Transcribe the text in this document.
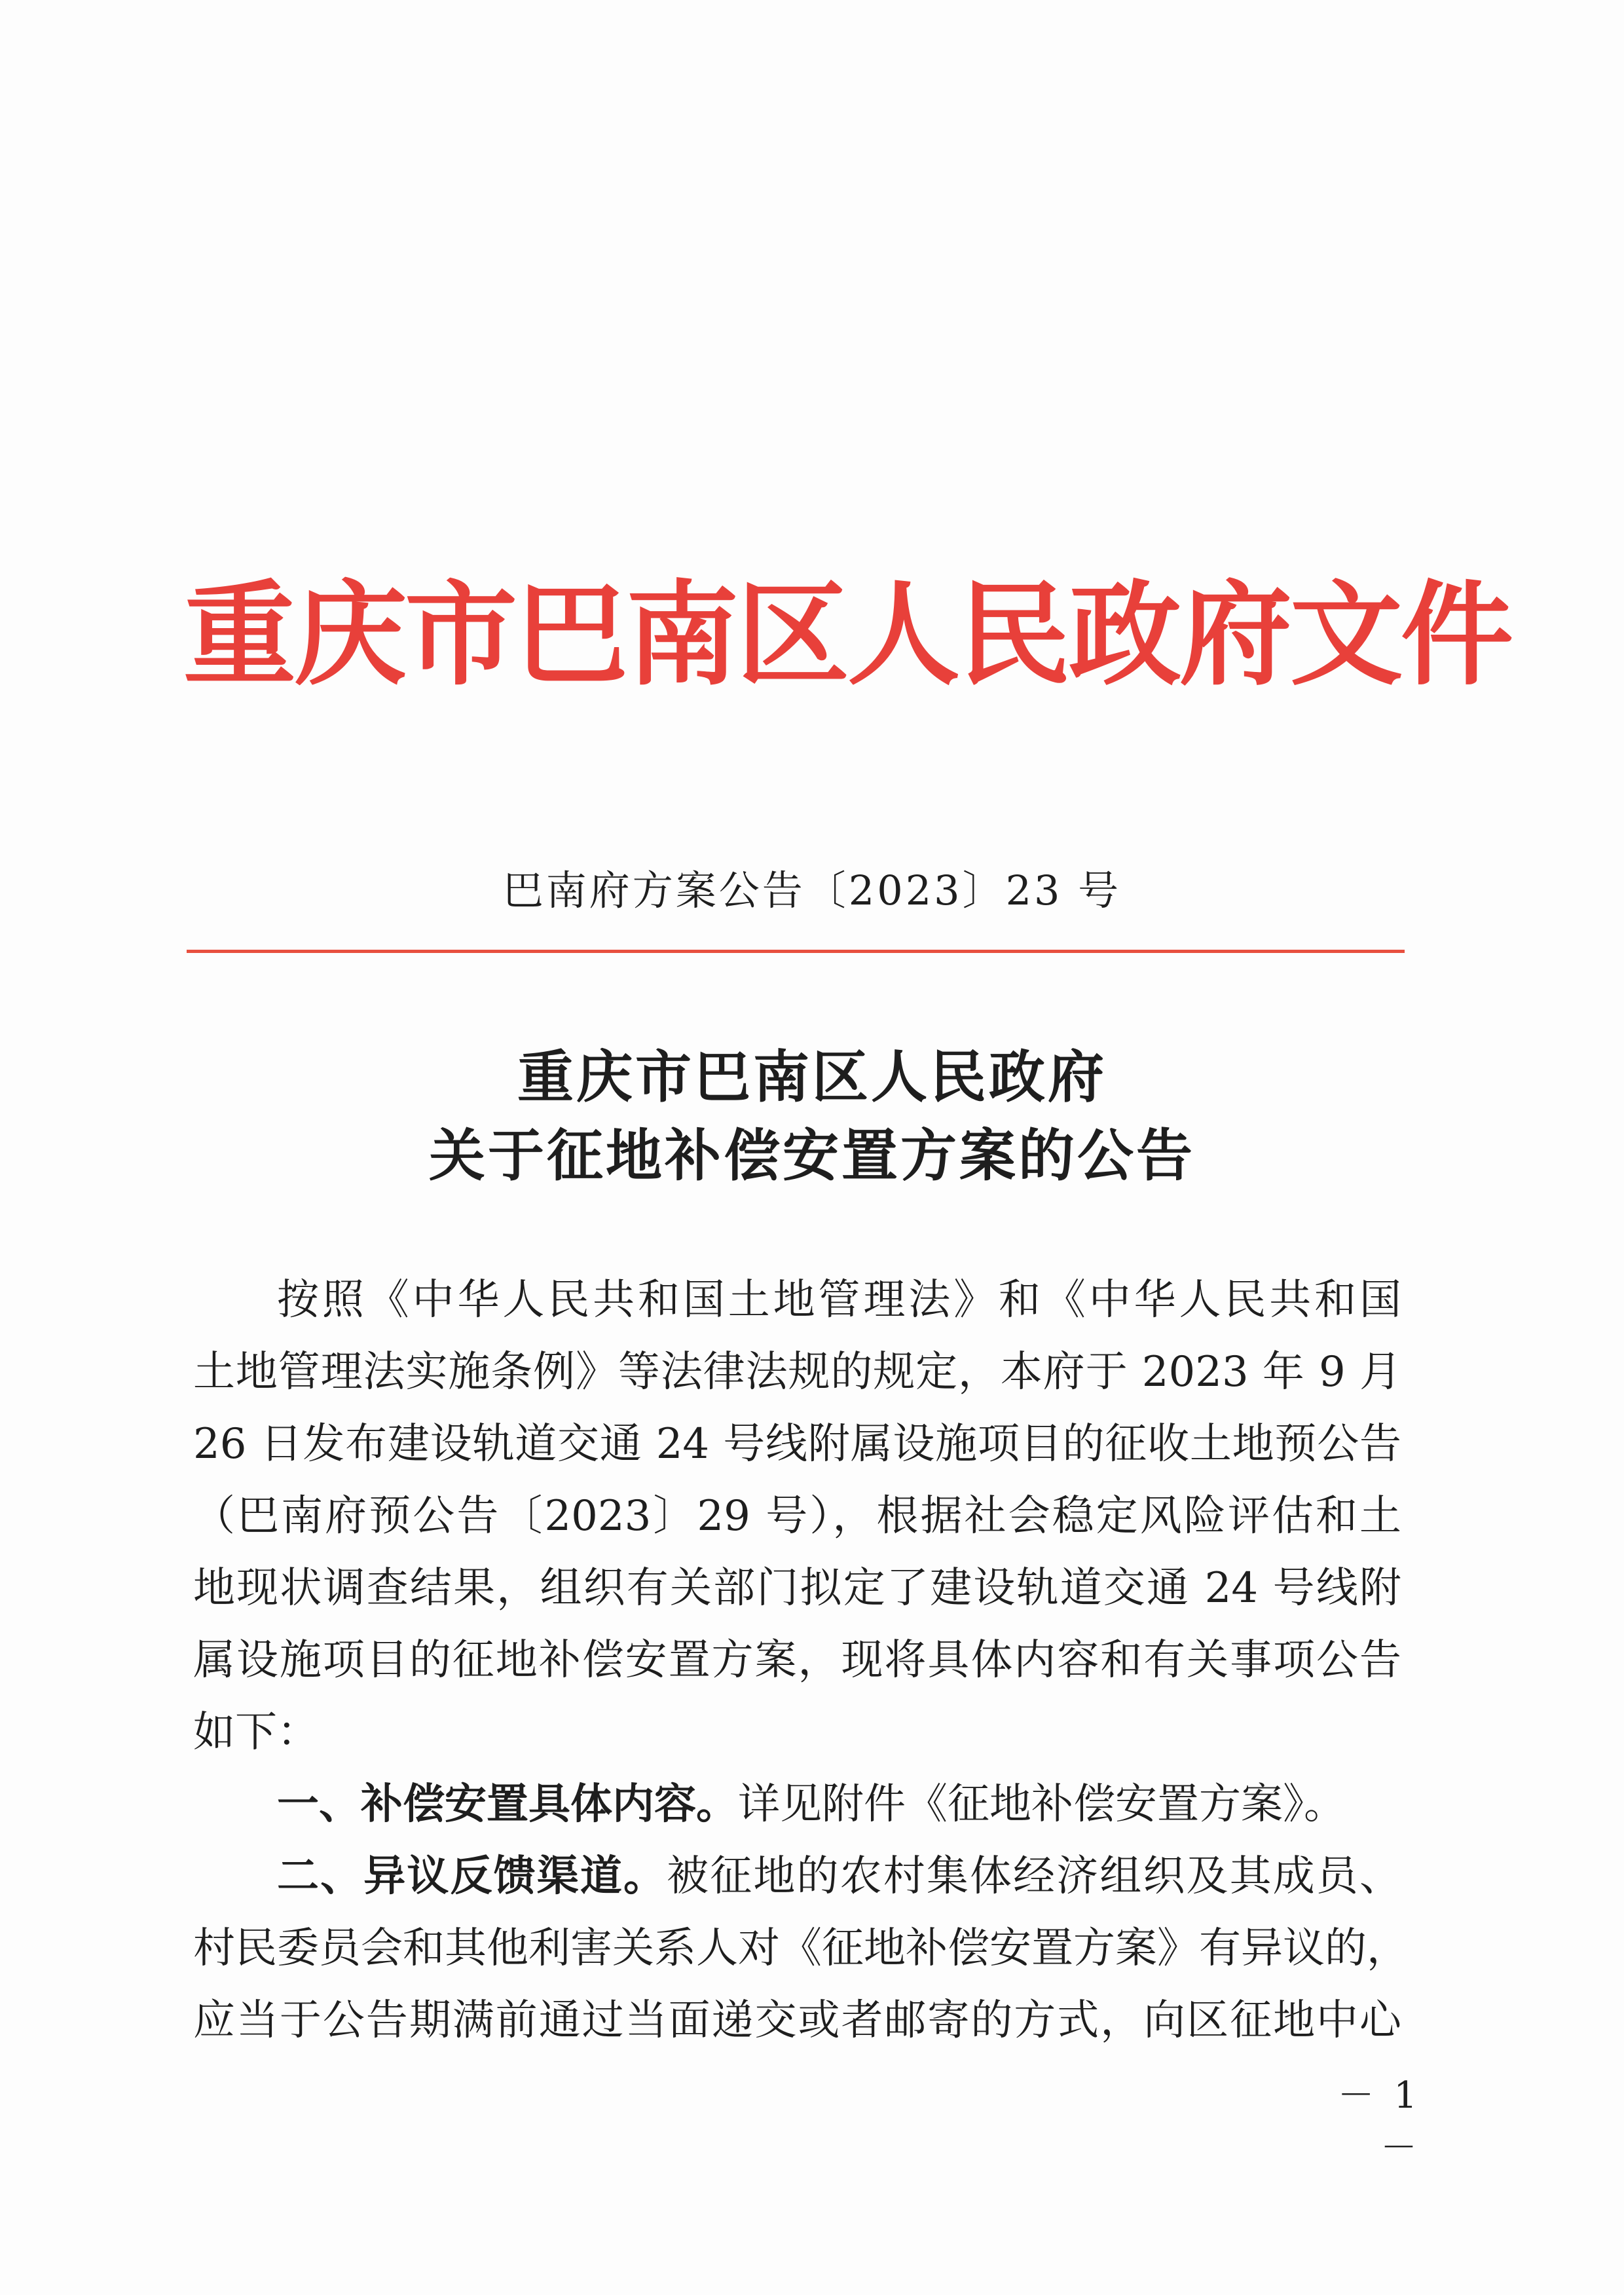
重庆市巴南区人民政府文件
巴南府方案公告〔2023〕23 号
重庆市巴南区人民政府
关于征地补偿安置方案的公告
按照《中华人民共和国土地管理法》和《中华人民共和国
土地管理法实施条例》等法律法规的规定，本府于 2023 年 9 月
26 日发布建设轨道交通 24 号线附属设施项目的征收土地预公告
（巴南府预公告〔2023〕29 号），根据社会稳定风险评估和土
地现状调查结果，组织有关部门拟定了建设轨道交通 24 号线附
属设施项目的征地补偿安置方案，现将具体内容和有关事项公告
如下：
一、补偿安置具体内容。详见附件《征地补偿安置方案》。
二、异议反馈渠道。被征地的农村集体经济组织及其成员、
村民委员会和其他利害关系人对《征地补偿安置方案》有异议的，
应当于公告期满前通过当面递交或者邮寄的方式，向区征地中心
－ 1 －
